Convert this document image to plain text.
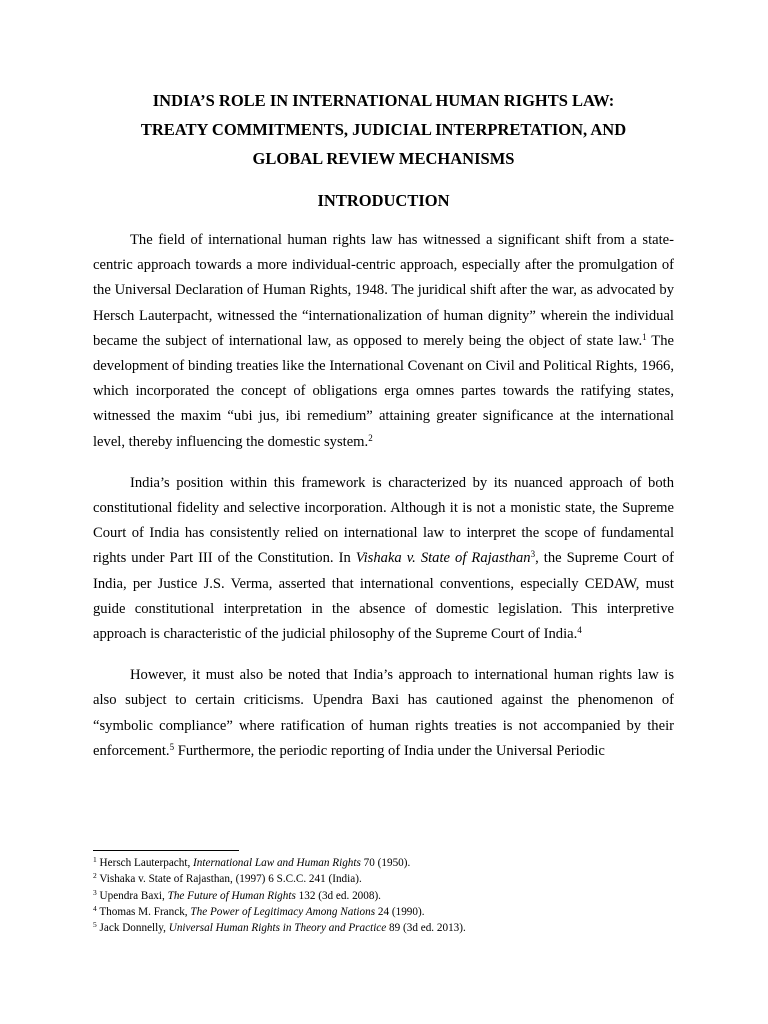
INDIA’S ROLE IN INTERNATIONAL HUMAN RIGHTS LAW:
TREATY COMMITMENTS, JUDICIAL INTERPRETATION, AND
GLOBAL REVIEW MECHANISMS
INTRODUCTION

The field of international human rights law has witnessed a significant shift from a state-centric approach towards a more individual-centric approach, especially after the promulgation of the Universal Declaration of Human Rights, 1948. The juridical shift after the war, as advocated by Hersch Lauterpacht, witnessed the “internationalization of human dignity” wherein the individual became the subject of international law, as opposed to merely being the object of state law.$^1$ The development of binding treaties like the International Covenant on Civil and Political Rights, 1966, which incorporated the concept of obligations erga omnes partes towards the ratifying states, witnessed the maxim “ubi jus, ibi remedium” attaining greater significance at the international level, thereby influencing the domestic system.$^2$

India’s position within this framework is characterized by its nuanced approach of both constitutional fidelity and selective incorporation. Although it is not a monistic state, the Supreme Court of India has consistently relied on international law to interpret the scope of fundamental rights under Part III of the Constitution. In Vishaka v. State of Rajasthan$^3$, the Supreme Court of India, per Justice J.S. Verma, asserted that international conventions, especially CEDAW, must guide constitutional interpretation in the absence of domestic legislation. This interpretive approach is characteristic of the judicial philosophy of the Supreme Court of India.$^4$

However, it must also be noted that India’s approach to international human rights law is also subject to certain criticisms. Upendra Baxi has cautioned against the phenomenon of “symbolic compliance” where ratification of human rights treaties is not accompanied by their enforcement.$^5$ Furthermore, the periodic reporting of India under the Universal Periodic

$^1$ Hersch Lauterpacht, International Law and Human Rights 70 (1950).

$^2$ Vishaka v. State of Rajasthan, (1997) 6 S.C.C. 241 (India).

$^3$ Upendra Baxi, The Future of Human Rights 132 (3d ed. 2008).

$^4$ Thomas M. Franck, The Power of Legitimacy Among Nations 24 (1990).

$^5$ Jack Donnelly, Universal Human Rights in Theory and Practice 89 (3d ed. 2013).
